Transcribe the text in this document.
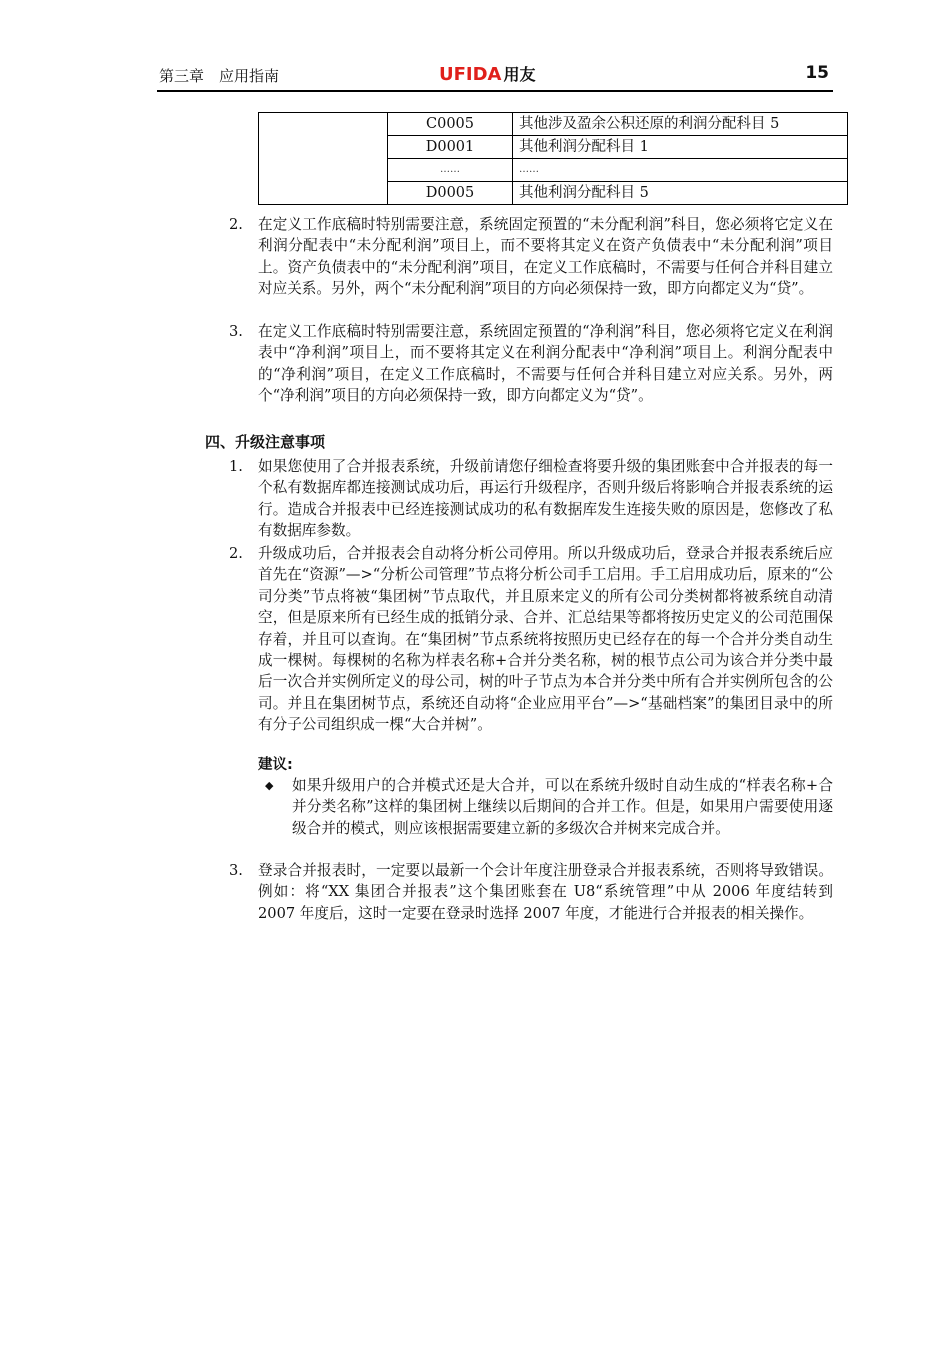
第三章　应用指南	UFIDA 用友	15
	C0005	其他涉及盈余公积还原的利润分配科目 5
	D0001	其他利润分配科目 1
	……	……
	D0005	其他利润分配科目 5
2.	在定义工作底稿时特别需要注意，系统固定预置的“未分配利润”科目，您必须将它定义在利润分配表中“未分配利润”项目上，而不要将其定义在资产负债表中“未分配利润”项目上。资产负债表中的“未分配利润”项目，在定义工作底稿时，不需要与任何合并科目建立对应关系。另外，两个“未分配利润”项目的方向必须保持一致，即方向都定义为“贷”。
3.	在定义工作底稿时特别需要注意，系统固定预置的“净利润”科目，您必须将它定义在利润表中“净利润”项目上，而不要将其定义在利润分配表中“净利润”项目上。利润分配表中的“净利润”项目，在定义工作底稿时，不需要与任何合并科目建立对应关系。另外，两个“净利润”项目的方向必须保持一致，即方向都定义为“贷”。
四、升级注意事项
1.	如果您使用了合并报表系统，升级前请您仔细检查将要升级的集团账套中合并报表的每一个私有数据库都连接测试成功后，再运行升级程序，否则升级后将影响合并报表系统的运行。造成合并报表中已经连接测试成功的私有数据库发生连接失败的原因是，您修改了私有数据库参数。
2.	升级成功后，合并报表会自动将分析公司停用。所以升级成功后，登录合并报表系统后应首先在“资源”—>“分析公司管理”节点将分析公司手工启用。手工启用成功后，原来的“公司分类”节点将被“集团树”节点取代，并且原来定义的所有公司分类树都将被系统自动清空，但是原来所有已经生成的抵销分录、合并、汇总结果等都将按历史定义的公司范围保存着，并且可以查询。在“集团树”节点系统将按照历史已经存在的每一个合并分类自动生成一棵树。每棵树的名称为样表名称+合并分类名称，树的根节点公司为该合并分类中最后一次合并实例所定义的母公司，树的叶子节点为本合并分类中所有合并实例所包含的公司。并且在集团树节点，系统还自动将“企业应用平台”—>“基础档案”的集团目录中的所有分子公司组织成一棵“大合并树”。
建议:
◆	如果升级用户的合并模式还是大合并，可以在系统升级时自动生成的“样表名称+合并分类名称”这样的集团树上继续以后期间的合并工作。但是，如果用户需要使用逐级合并的模式，则应该根据需要建立新的多级次合并树来完成合并。
3.	登录合并报表时，一定要以最新一个会计年度注册登录合并报表系统，否则将导致错误。例如：将“XX 集团合并报表”这个集团账套在 U8“系统管理”中从 2006 年度结转到 2007 年度后，这时一定要在登录时选择 2007 年度，才能进行合并报表的相关操作。
